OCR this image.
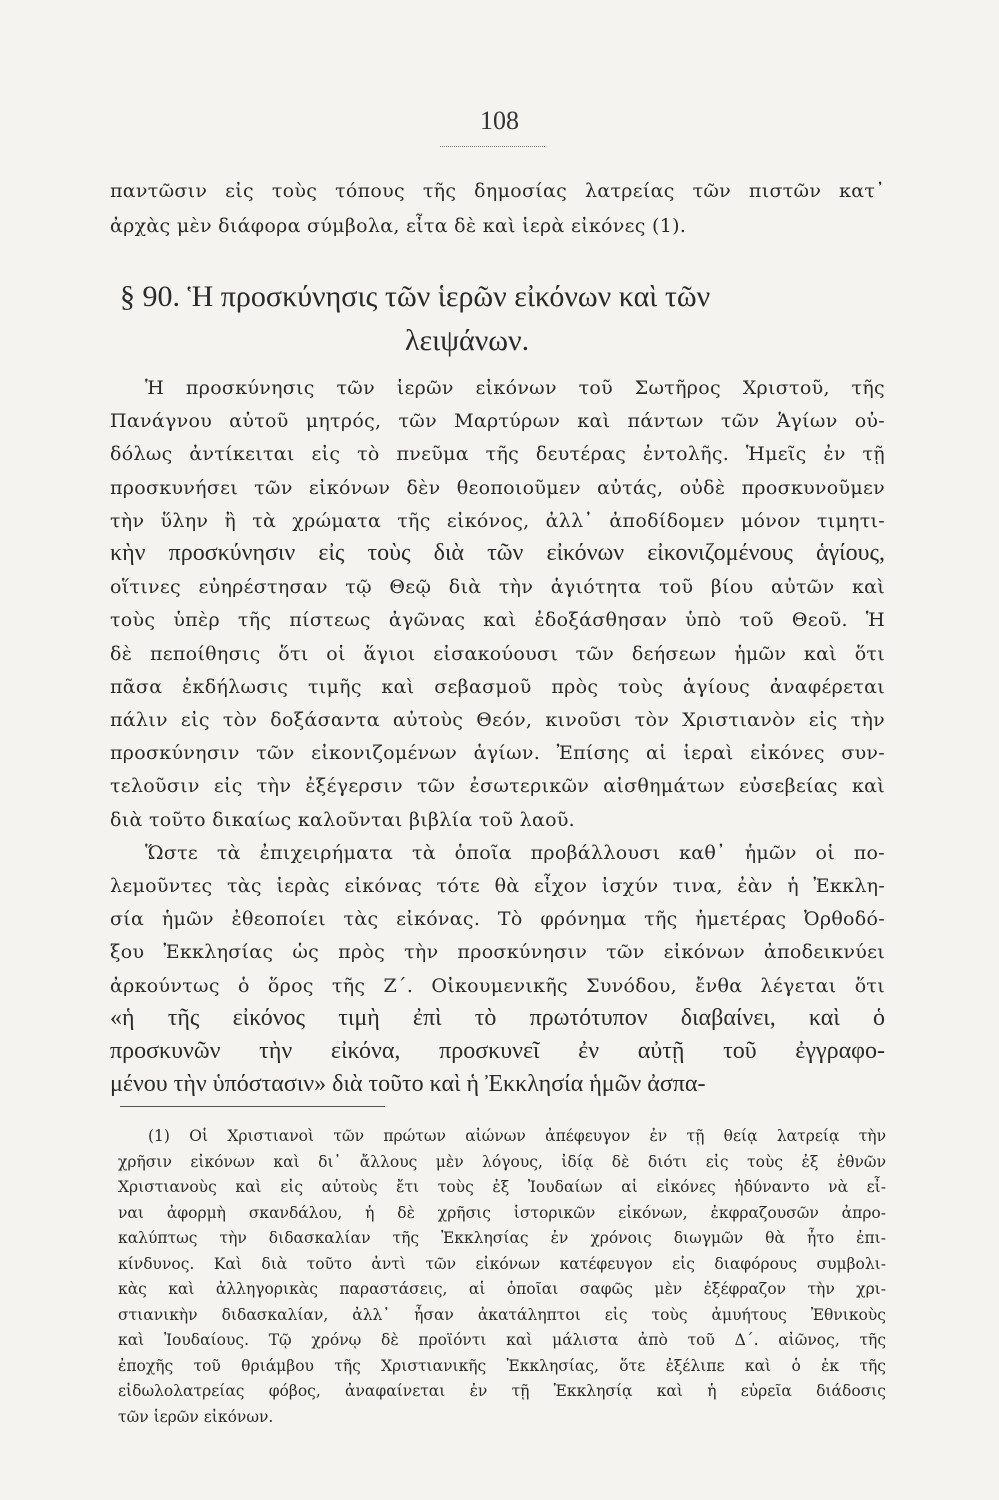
108
παντῶσιν εἰς τοὺς τόπους τῆς δημοσίας λατρείας τῶν πιστῶν κατ᾽
ἀρχὰς μὲν διάφορα σύμβολα, εἶτα δὲ καὶ ἱερὰ εἰκόνες (1).
§ 90. Ἡ προσκύνησις τῶν ἱερῶν εἰκόνων καὶ τῶν
λειψάνων.
Ἡ προσκύνησις τῶν ἱερῶν εἰκόνων τοῦ Σωτῆρος Χριστοῦ, τῆς
Πανάγνου αὐτοῦ μητρός, τῶν Μαρτύρων καὶ πάντων τῶν Ἁγίων οὐ-
δόλως ἀντίκειται εἰς τὸ πνεῦμα τῆς δευτέρας ἐντολῆς. Ἡμεῖς ἐν τῇ
προσκυνήσει τῶν εἰκόνων δὲν θεοποιοῦμεν αὐτάς, οὐδὲ προσκυνοῦμεν
τὴν ὕλην ἢ τὰ χρώματα τῆς εἰκόνος, ἀλλ᾽ ἀποδίδομεν μόνον τιμητι-
κὴν προσκύνησιν εἰς τοὺς διὰ τῶν εἰκόνων εἰκονιζομένους ἁγίους,
οἵτινες εὐηρέστησαν τῷ Θεῷ διὰ τὴν ἁγιότητα τοῦ βίου αὐτῶν καὶ
τοὺς ὑπὲρ τῆς πίστεως ἀγῶνας καὶ ἐδοξάσθησαν ὑπὸ τοῦ Θεοῦ. Ἡ
δὲ πεποίθησις ὅτι οἱ ἅγιοι εἰσακούουσι τῶν δεήσεων ἡμῶν καὶ ὅτι
πᾶσα ἐκδήλωσις τιμῆς καὶ σεβασμοῦ πρὸς τοὺς ἁγίους ἀναφέρεται
πάλιν εἰς τὸν δοξάσαντα αὐτοὺς Θεόν, κινοῦσι τὸν Χριστιανὸν εἰς τὴν
προσκύνησιν τῶν εἰκονιζομένων ἁγίων. Ἐπίσης αἱ ἱεραὶ εἰκόνες συν-
τελοῦσιν εἰς τὴν ἐξέγερσιν τῶν ἐσωτερικῶν αἰσθημάτων εὐσεβείας καὶ
διὰ τοῦτο δικαίως καλοῦνται βιβλία τοῦ λαοῦ.
Ὥστε τὰ ἐπιχειρήματα τὰ ὁποῖα προβάλλουσι καθ᾽ ἡμῶν οἱ πο-
λεμοῦντες τὰς ἱερὰς εἰκόνας τότε θὰ εἶχον ἰσχύν τινα, ἐὰν ἡ Ἐκκλη-
σία ἡμῶν ἐθεοποίει τὰς εἰκόνας. Τὸ φρόνημα τῆς ἡμετέρας Ὀρθοδό-
ξου Ἐκκλησίας ὡς πρὸς τὴν προσκύνησιν τῶν εἰκόνων ἀποδεικνύει
ἀρκούντως ὁ ὅρος τῆς Ζ΄. Οἰκουμενικῆς Συνόδου, ἔνθα λέγεται ὅτι
«ἡ τῆς εἰκόνος τιμὴ ἐπὶ τὸ πρωτότυπον διαβαίνει, καὶ ὁ
προσκυνῶν τὴν εἰκόνα, προσκυνεῖ ἐν αὐτῇ τοῦ ἐγγραφο-
μένου τὴν ὑπόστασιν» διὰ τοῦτο καὶ ἡ Ἐκκλησία ἡμῶν ἀσπα-
(1) Οἱ Χριστιανοὶ τῶν πρώτων αἰώνων ἀπέφευγον ἐν τῇ θείᾳ λατρείᾳ τὴν
χρῆσιν εἰκόνων καὶ δι᾽ ἄλλους μὲν λόγους, ἰδίᾳ δὲ διότι εἰς τοὺς ἐξ ἐθνῶν
Χριστιανοὺς καὶ εἰς αὐτοὺς ἔτι τοὺς ἐξ Ἰουδαίων αἱ εἰκόνες ἠδύναντο νὰ εἶ-
ναι ἀφορμὴ σκανδάλου, ἡ δὲ χρῆσις ἱστορικῶν εἰκόνων, ἐκφραζουσῶν ἀπρο-
καλύπτως τὴν διδασκαλίαν τῆς Ἐκκλησίας ἐν χρόνοις διωγμῶν θὰ ἦτο ἐπι-
κίνδυνος. Καὶ διὰ τοῦτο ἀντὶ τῶν εἰκόνων κατέφευγον εἰς διαφόρους συμβολι-
κὰς καὶ ἀλληγορικὰς παραστάσεις, αἱ ὁποῖαι σαφῶς μὲν ἐξέφραζον τὴν χρι-
στιανικὴν διδασκαλίαν, ἀλλ᾽ ἦσαν ἀκατάληπτοι εἰς τοὺς ἀμυήτους Ἐθνικοὺς
καὶ Ἰουδαίους. Τῷ χρόνῳ δὲ προϊόντι καὶ μάλιστα ἀπὸ τοῦ Δ΄. αἰῶνος, τῆς
ἐποχῆς τοῦ θριάμβου τῆς Χριστιανικῆς Ἐκκλησίας, ὅτε ἐξέλιπε καὶ ὁ ἐκ τῆς
εἰδωλολατρείας φόβος, ἀναφαίνεται ἐν τῇ Ἐκκλησίᾳ καὶ ἡ εὐρεῖα διάδοσις
τῶν ἱερῶν εἰκόνων.
